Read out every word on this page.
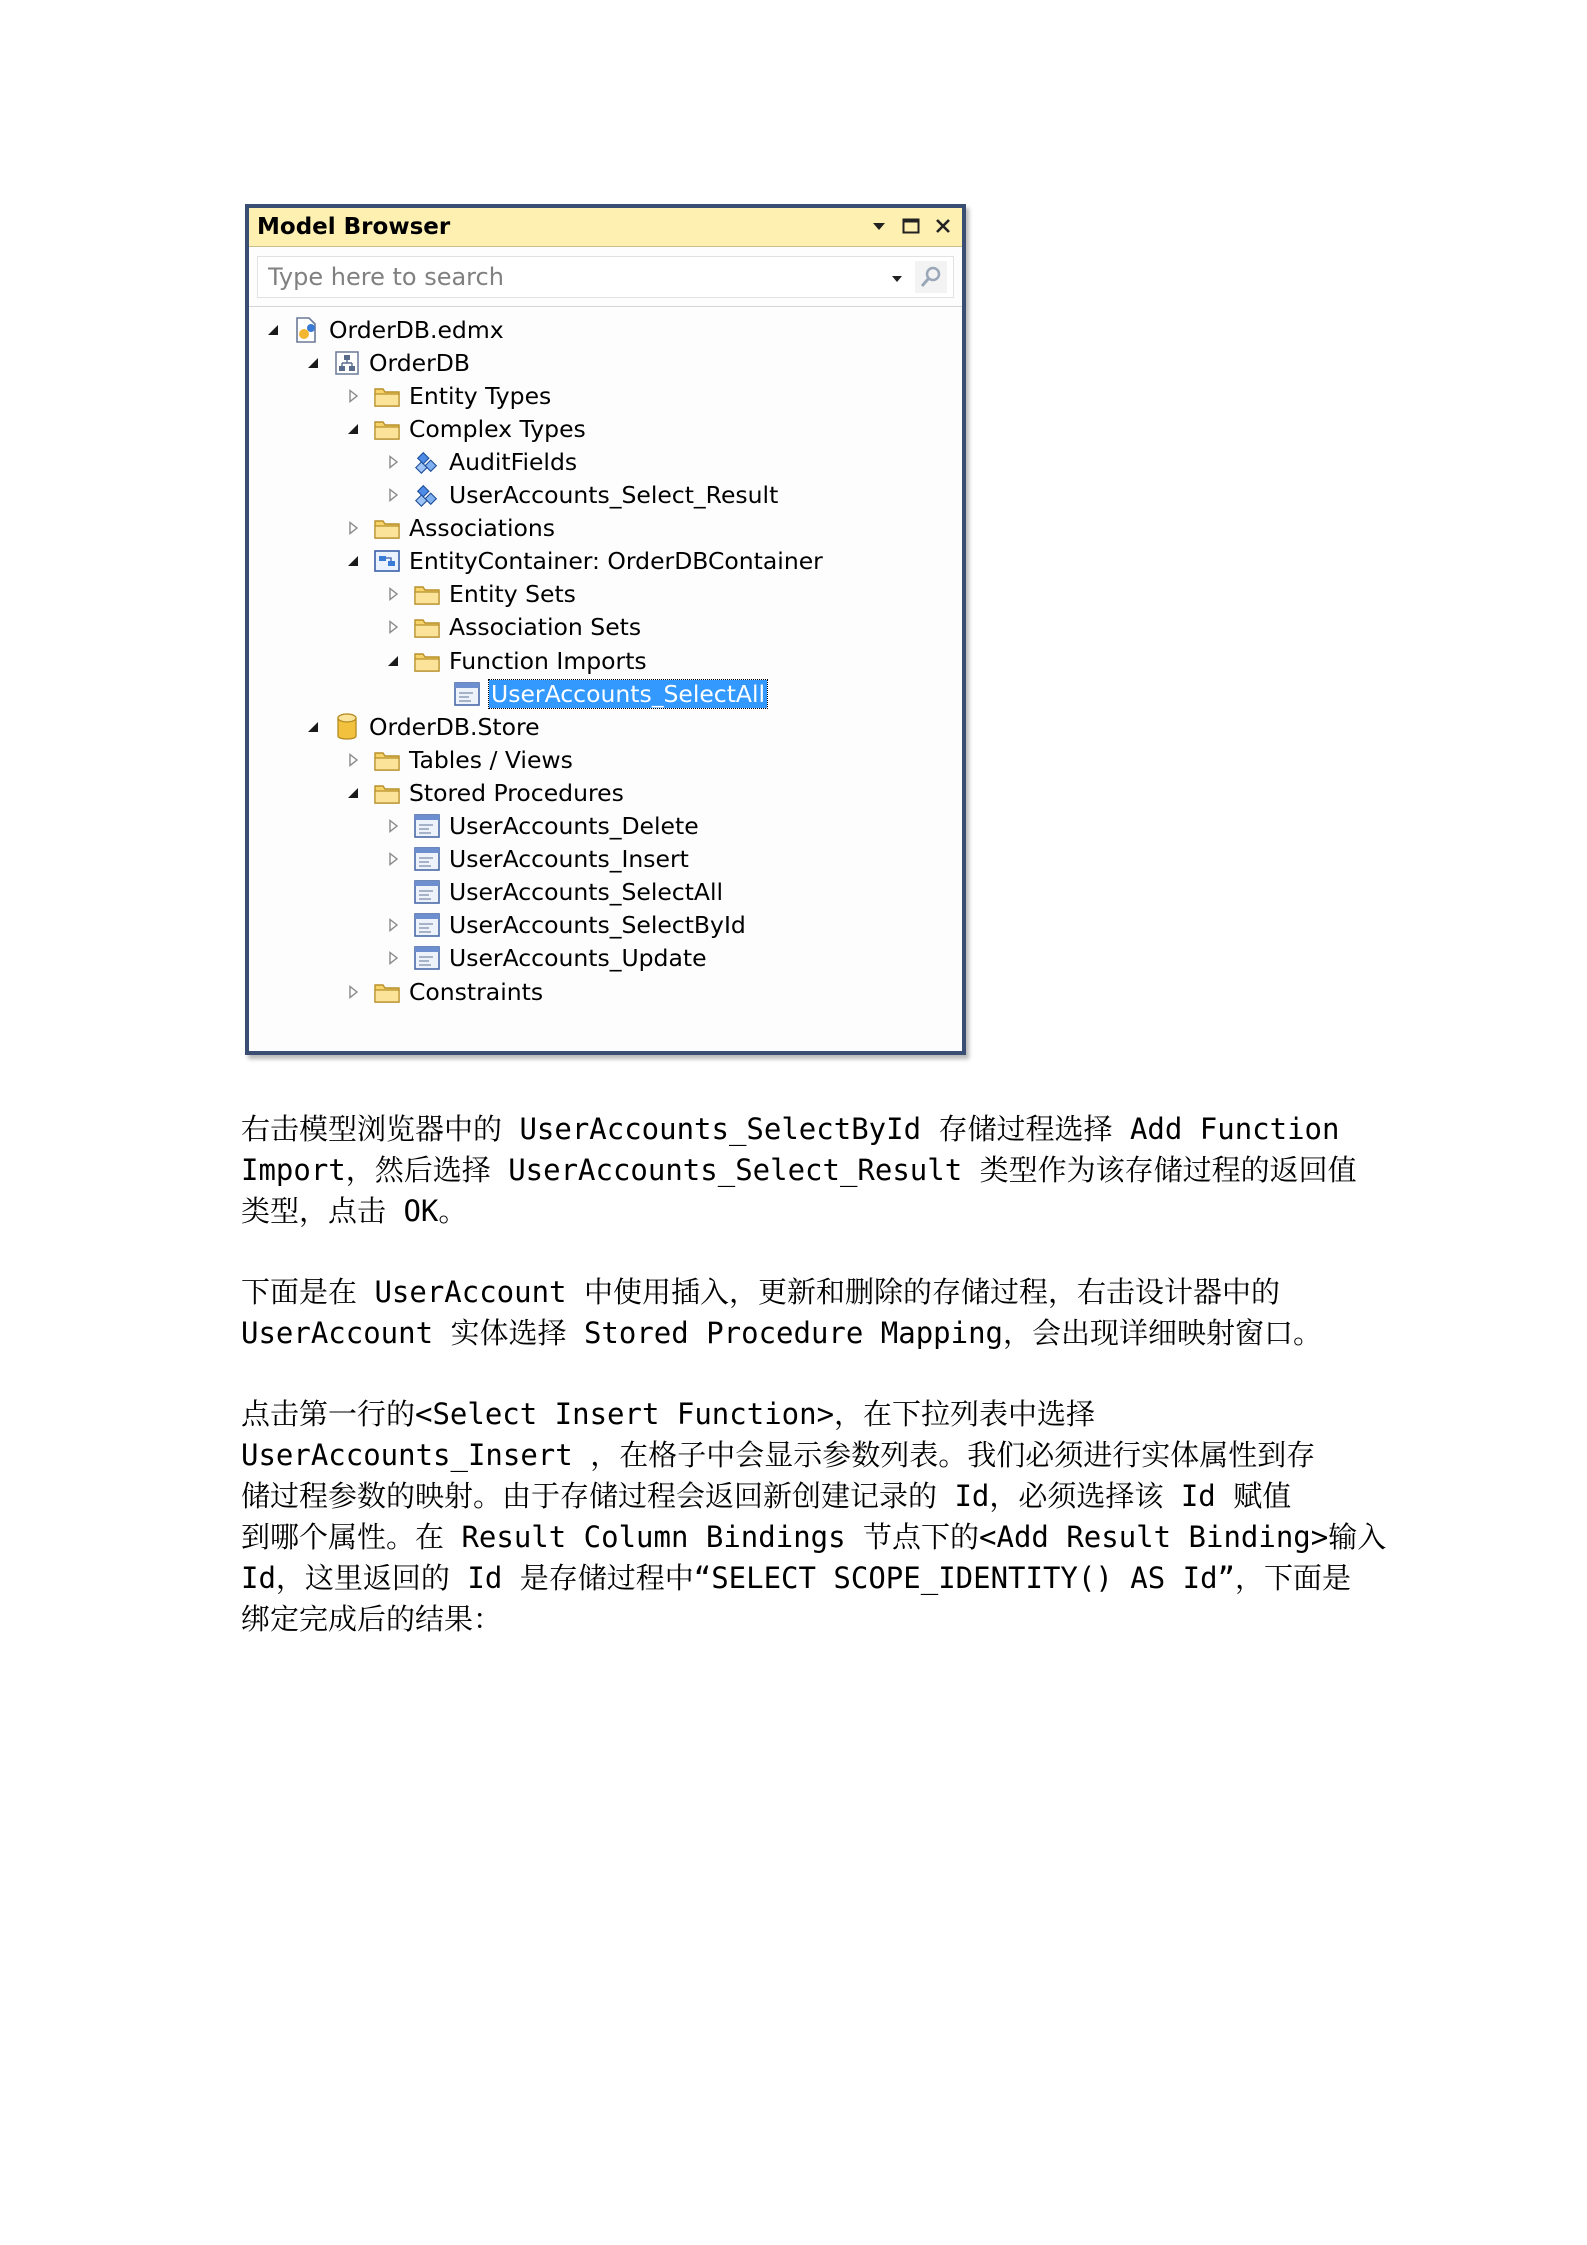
Model Browser
Type here to search
OrderDB.edmx
OrderDB
Entity Types
Complex Types
AuditFields
UserAccounts_Select_Result
Associations
EntityContainer: OrderDBContainer
Entity Sets
Association Sets
Function Imports
UserAccounts_SelectAll
OrderDB.Store
Tables / Views
Stored Procedures
UserAccounts_Delete
UserAccounts_Insert
UserAccounts_SelectAll
UserAccounts_SelectById
UserAccounts_Update
Constraints
右击模型浏览器中的 UserAccounts_SelectById 存储过程选择 Add Function
Import，然后选择 UserAccounts_Select_Result 类型作为该存储过程的返回值
类型，点击 OK。
下面是在 UserAccount 中使用插入，更新和删除的存储过程，右击设计器中的
UserAccount 实体选择 Stored Procedure Mapping，会出现详细映射窗口。
点击第一行的<Select Insert Function>，在下拉列表中选择
UserAccounts_Insert ，在格子中会显示参数列表。我们必须进行实体属性到存
储过程参数的映射。由于存储过程会返回新创建记录的 Id，必须选择该 Id 赋值
到哪个属性。在 Result Column Bindings 节点下的<Add Result Binding>输入
Id，这里返回的 Id 是存储过程中“SELECT SCOPE_IDENTITY() AS Id”，下面是
绑定完成后的结果：
